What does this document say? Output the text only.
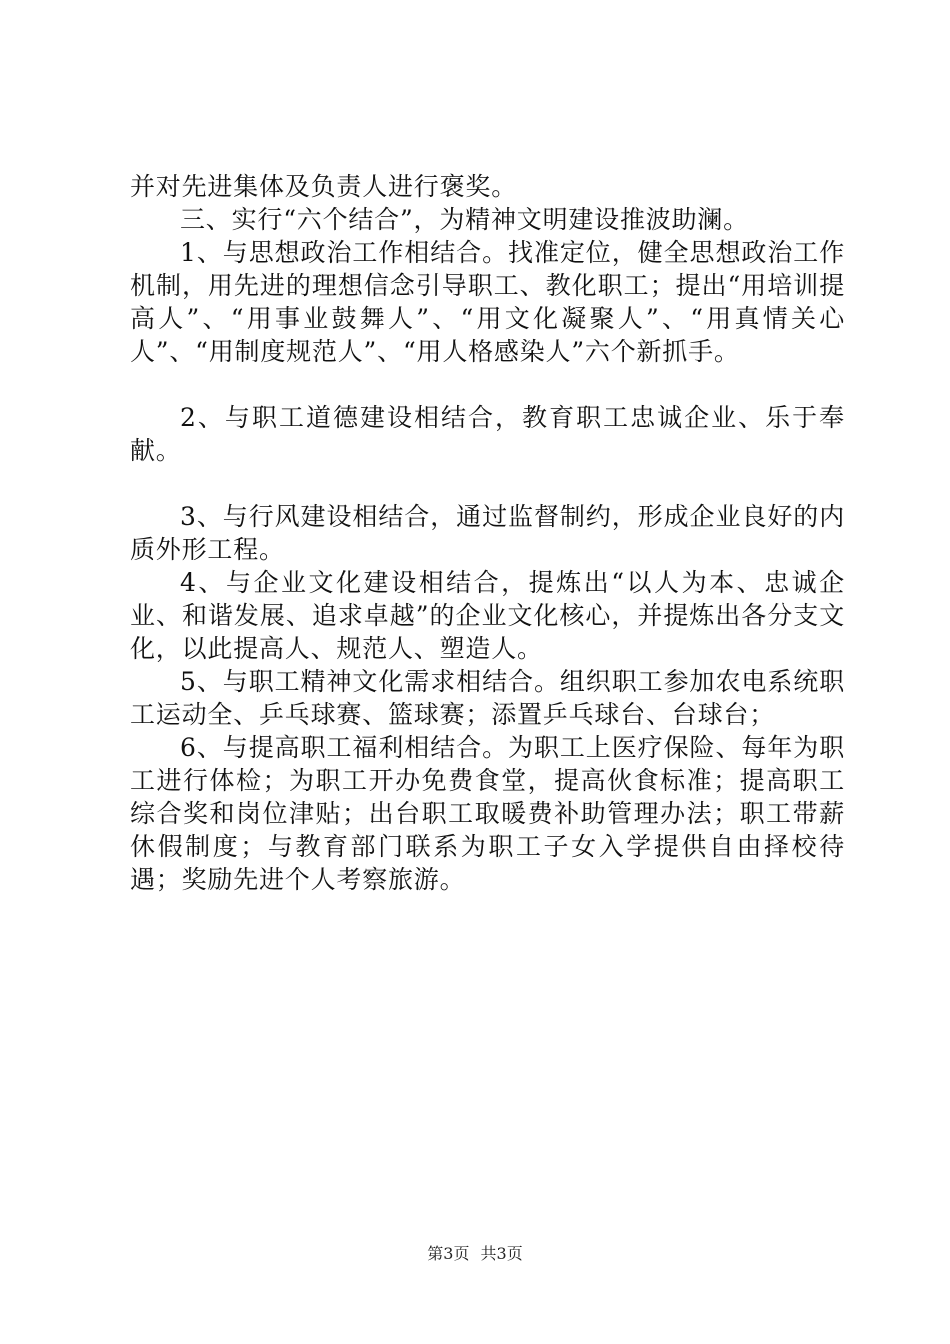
并对先进集体及负责人进行褒奖。

三、实行“六个结合”，为精神文明建设推波助澜。

1、与思想政治工作相结合。找准定位，健全思想政治工作机制，用先进的理想信念引导职工、教化职工；提出“用培训提高人”、“用事业鼓舞人”、“用文化凝聚人”、“用真情关心人”、“用制度规范人”、“用人格感染人”六个新抓手。

2、与职工道德建设相结合，教育职工忠诚企业、乐于奉献。

3、与行风建设相结合，通过监督制约，形成企业良好的内质外形工程。

4、与企业文化建设相结合，提炼出“以人为本、忠诚企业、和谐发展、追求卓越”的企业文化核心，并提炼出各分支文化，以此提高人、规范人、塑造人。

5、与职工精神文化需求相结合。组织职工参加农电系统职工运动全、乒乓球赛、篮球赛；添置乒乓球台、台球台；

6、与提高职工福利相结合。为职工上医疗保险、每年为职工进行体检；为职工开办免费食堂，提高伙食标准；提高职工综合奖和岗位津贴；出台职工取暖费补助管理办法；职工带薪休假制度；与教育部门联系为职工子女入学提供自由择校待遇；奖励先进个人考察旅游。

第3页 共3页
